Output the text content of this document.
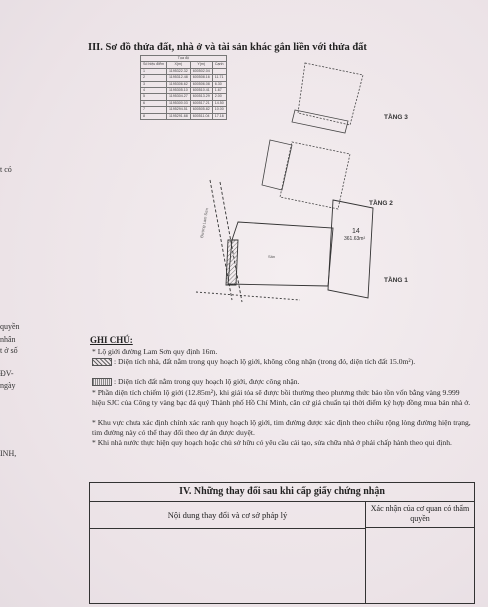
t có
quyền
nhân
t ở số
ĐV-
ngày
INH,
III. Sơ đồ thửa đất, nhà ở và tài sản khác gắn liền với thửa đất
Tọa độ			
Số hiệu điểm	X(m)	Y(m)	Cạnh
1	1195322.32	600502.04	
2	1195312.48	600508.16	11.71
3	1195306.62	600506.08	6.30
4	1195305.10	600510.41	1.67
5	1195304.27	600513.29	2.00
6	1195300.03	600517.21	14.50
7	1195294.51	600505.82	10.00
8	1195291.68	600511.04	17.16
Đường Lam Sơn	14
361.63m²
Sân
TẦNG 3
TẦNG 2
TẦNG 1
GHI CHÚ:
* Lộ giới đường Lam Sơn quy định 16m.
: Diện tích nhà, đất nằm trong quy hoạch lộ giới, không công nhận (trong đó, diện tích đất 15.0m²).
: Diện tích đất nằm trong quy hoạch lộ giới, được công nhận.
* Phần diện tích chiếm lộ giới (12.85m²), khi giải tỏa sẽ được bồi thường theo phương thức bảo tồn vốn bằng vàng 9.999 hiệu SJC của Công ty vàng bạc đá quý Thành phố Hồ Chí Minh, căn cứ giá chuẩn tại thời điểm ký hợp đồng mua bán nhà ở.
* Khu vực chưa xác định chính xác ranh quy hoạch lộ giới, tim đường được xác định theo chiều rộng lòng đường hiện trạng, tim đường này có thể thay đổi theo dự án được duyệt.
* Khi nhà nước thực hiện quy hoạch hoặc chủ sở hữu có yêu cầu cải tạo, sửa chữa nhà ở phải chấp hành theo qui định.
IV. Những thay đổi sau khi cấp giấy chứng nhận
Nội dung thay đổi và cơ sở pháp lý
Xác nhận của cơ quan có thẩm quyền
